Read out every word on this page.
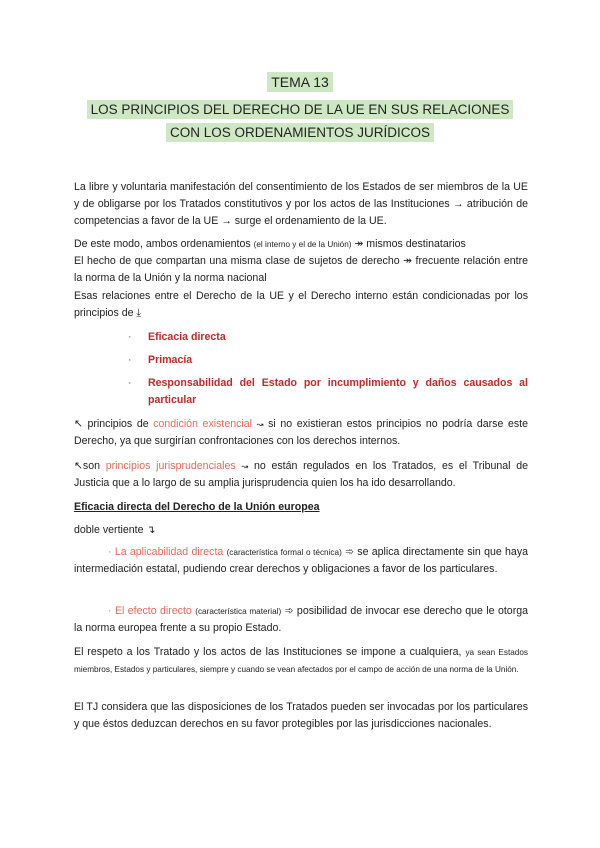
TEMA 13
LOS PRINCIPIOS DEL DERECHO DE LA UE EN SUS RELACIONES
CON LOS ORDENAMIENTOS JURÍDICOS

La libre y voluntaria manifestación del consentimiento de los Estados de ser miembros de la UE y de obligarse por los Tratados constitutivos y por los actos de las Instituciones → atribución de competencias a favor de la UE → surge el ordenamiento de la UE.

De este modo, ambos ordenamientos (el interno y el de la Unión) ↠ mismos destinatarios
El hecho de que compartan una misma clase de sujetos de derecho ↠ frecuente relación entre la norma de la Unión y la norma nacional

Esas relaciones entre el Derecho de la UE y el Derecho interno están condicionadas por los principios de ⤓

· Eficacia directa
· Primacía
· Responsabilidad del Estado por incumplimiento y daños causados al particular

↖ principios de condición existencial ↝ si no existieran estos principios no podría darse este Derecho, ya que surgirían confrontaciones con los derechos internos.

↖son principios jurisprudenciales ↝ no están regulados en los Tratados, es el Tribunal de Justicia que a lo largo de su amplia jurisprudencia quien los ha ido desarrollando.

Eficacia directa del Derecho de la Unión europea

doble vertiente ↴

· La aplicabilidad directa (característica formal o técnica) ➾ se aplica directamente sin que haya intermediación estatal, pudiendo crear derechos y obligaciones a favor de los particulares.

· El efecto directo (característica material) ➾ posibilidad de invocar ese derecho que le otorga la norma europea frente a su propio Estado.

El respeto a los Tratado y los actos de las Instituciones se impone a cualquiera, ya sean Estados miembros, Estados y particulares, siempre y cuando se vean afectados por el campo de acción de una norma de la Unión.

El TJ considera que las disposiciones de los Tratados pueden ser invocadas por los particulares y que éstos deduzcan derechos en su favor protegibles por las jurisdicciones nacionales.
